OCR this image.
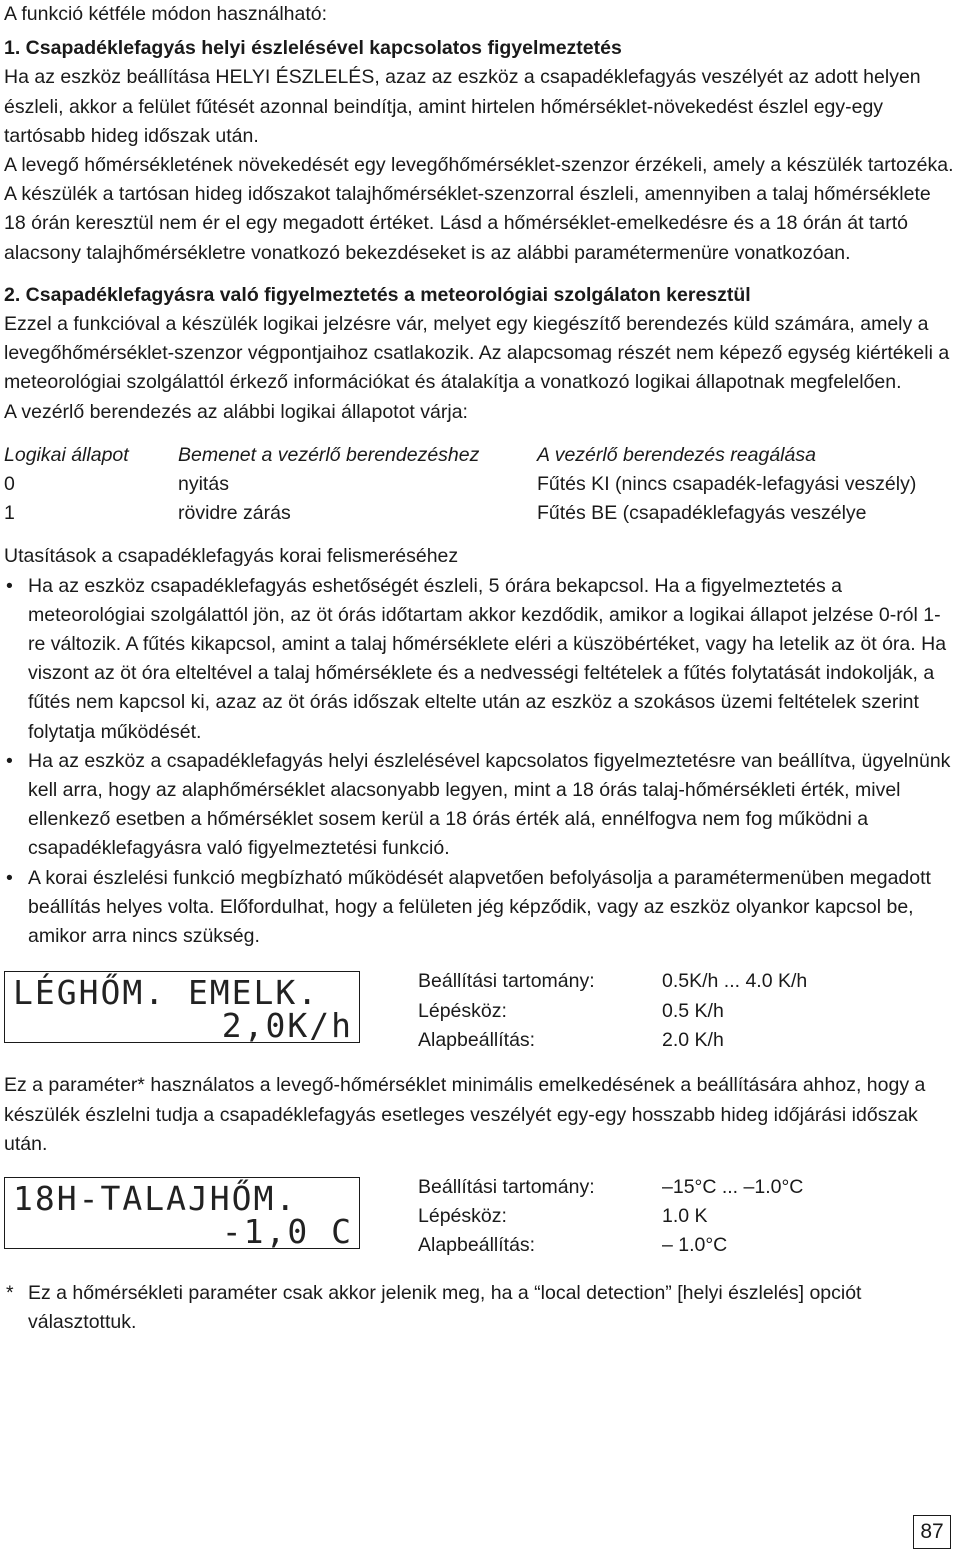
A funkció kétféle módon használható:

1. Csapadéklefagyás helyi észlelésével kapcsolatos figyelmeztetés

Ha az eszköz beállítása HELYI ÉSZLELÉS, azaz az eszköz a csapadéklefagyás veszélyét az adott helyen észleli, akkor a felület fűtését azonnal beindítja, amint hirtelen hőmérséklet-növekedést észlel egy-egy tartósabb hideg időszak után.

A levegő hőmérsékletének növekedését egy levegőhőmérséklet-szenzor érzékeli, amely a készülék tartozéka.

A készülék a tartósan hideg időszakot talajhőmérséklet-szenzorral észleli, amennyiben a talaj hőmérséklete 18 órán keresztül nem ér el egy megadott értéket. Lásd a hőmérséklet-emelkedésre és a 18 órán át tartó alacsony talajhőmérsékletre vonatkozó bekezdéseket is az alábbi paramétermenüre vonatkozóan.

2. Csapadéklefagyásra való figyelmeztetés a meteorológiai szolgálaton keresztül

Ezzel a funkcióval a készülék logikai jelzésre vár, melyet egy kiegészítő berendezés küld számára, amely a levegőhőmérséklet-szenzor végpontjaihoz csatlakozik. Az alapcsomag részét nem képező egység kiértékeli a meteorológiai szolgálattól érkező információkat és átalakítja a vonatkozó logikai állapotnak megfelelően.

A vezérlő berendezés az alábbi logikai állapotot várja:

Logikai állapot	Bemenet a vezérlő berendezéshez	A vezérlő berendezés reagálása
0	nyitás	Fűtés KI (nincs csapadék-lefagyási veszély)
1	rövidre zárás	Fűtés BE (csapadéklefagyás veszélye

Utasítások a csapadéklefagyás korai felismeréséhez

• Ha az eszköz csapadéklefagyás eshetőségét észleli, 5 órára bekapcsol. Ha a figyelmeztetés a meteorológiai szolgálattól jön, az öt órás időtartam akkor kezdődik, amikor a logikai állapot jelzése 0-ról 1-re változik. A fűtés kikapcsol, amint a talaj hőmérséklete eléri a küszöbértéket, vagy ha letelik az öt óra. Ha viszont az öt óra elteltével a talaj hőmérséklete és a nedvességi feltételek a fűtés folytatását indokolják, a fűtés nem kapcsol ki, azaz az öt órás időszak eltelte után az eszköz a szokásos üzemi feltételek szerint folytatja működését.
• Ha az eszköz a csapadéklefagyás helyi észlelésével kapcsolatos figyelmeztetésre van beállítva, ügyelnünk kell arra, hogy az alaphőmérséklet alacsonyabb legyen, mint a 18 órás talaj-hőmérsékleti érték, mivel ellenkező esetben a hőmérséklet sosem kerül a 18 órás érték alá, ennélfogva nem fog működni a csapadéklefagyásra való figyelmeztetési funkció.
• A korai észlelési funkció megbízható működését alapvetően befolyásolja a paramétermenüben megadott beállítás helyes volta. Előfordulhat, hogy a felületen jég képződik, vagy az eszköz olyankor kapcsol be, amikor arra nincs szükség.
LÉGHŐM. EMELK.
2,0K/h
Beállítási tartomány:	0.5K/h ... 4.0 K/h
Lépésköz:	0.5 K/h
Alapbeállítás:	2.0 K/h

Ez a paraméter* használatos a levegő-hőmérséklet minimális emelkedésének a beállítására ahhoz, hogy a készülék észlelni tudja a csapadéklefagyás esetleges veszélyét egy-egy hosszabb hideg időjárási időszak után.

18H-TALAJHŐM.
-1,0 C
Beállítási tartomány:	–15°C ... –1.0°C
Lépésköz:	1.0 K
Alapbeállítás:	– 1.0°C
* Ez a hőmérsékleti paraméter csak akkor jelenik meg, ha a “local detection” [helyi észlelés] opciót választottuk.
87
